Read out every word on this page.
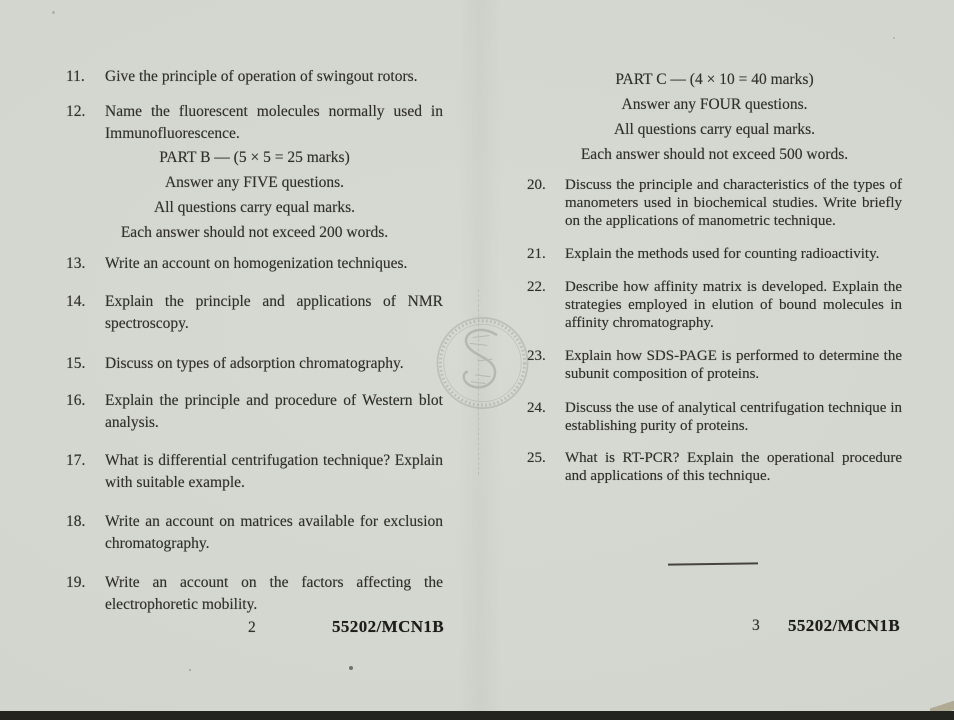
11.	Give the principle of operation of swingout rotors.
12.	Name the fluorescent molecules normally used in Immunofluorescence.
PART B — (5 × 5 = 25 marks)
Answer any FIVE questions.
All questions carry equal marks.
Each answer should not exceed 200 words.
13.	Write an account on homogenization techniques.
14.	Explain the principle and applications of NMR spectroscopy.
15.	Discuss on types of adsorption chromatography.
16.	Explain the principle and procedure of Western blot analysis.
17.	What is differential centrifugation technique? Explain with suitable example.
18.	Write an account on matrices available for exclusion chromatography.
19.	Write an account on the factors affecting the electrophoretic mobility.
PART C — (4 × 10 = 40 marks)
Answer any FOUR questions.
All questions carry equal marks.
Each answer should not exceed 500 words.
20.	Discuss the principle and characteristics of the types of manometers used in biochemical studies. Write briefly on the applications of manometric technique.
21.	Explain the methods used for counting radioactivity.
22.	Describe how affinity matrix is developed. Explain the strategies employed in elution of bound molecules in affinity chromatography.
23.	Explain how SDS-PAGE is performed to determine the subunit composition of proteins.
24.	Discuss the use of analytical centrifugation technique in establishing purity of proteins.
25.	What is RT-PCR? Explain the operational procedure and applications of this technique.
2	55202/MCN1B	3 55202/MCN1B
